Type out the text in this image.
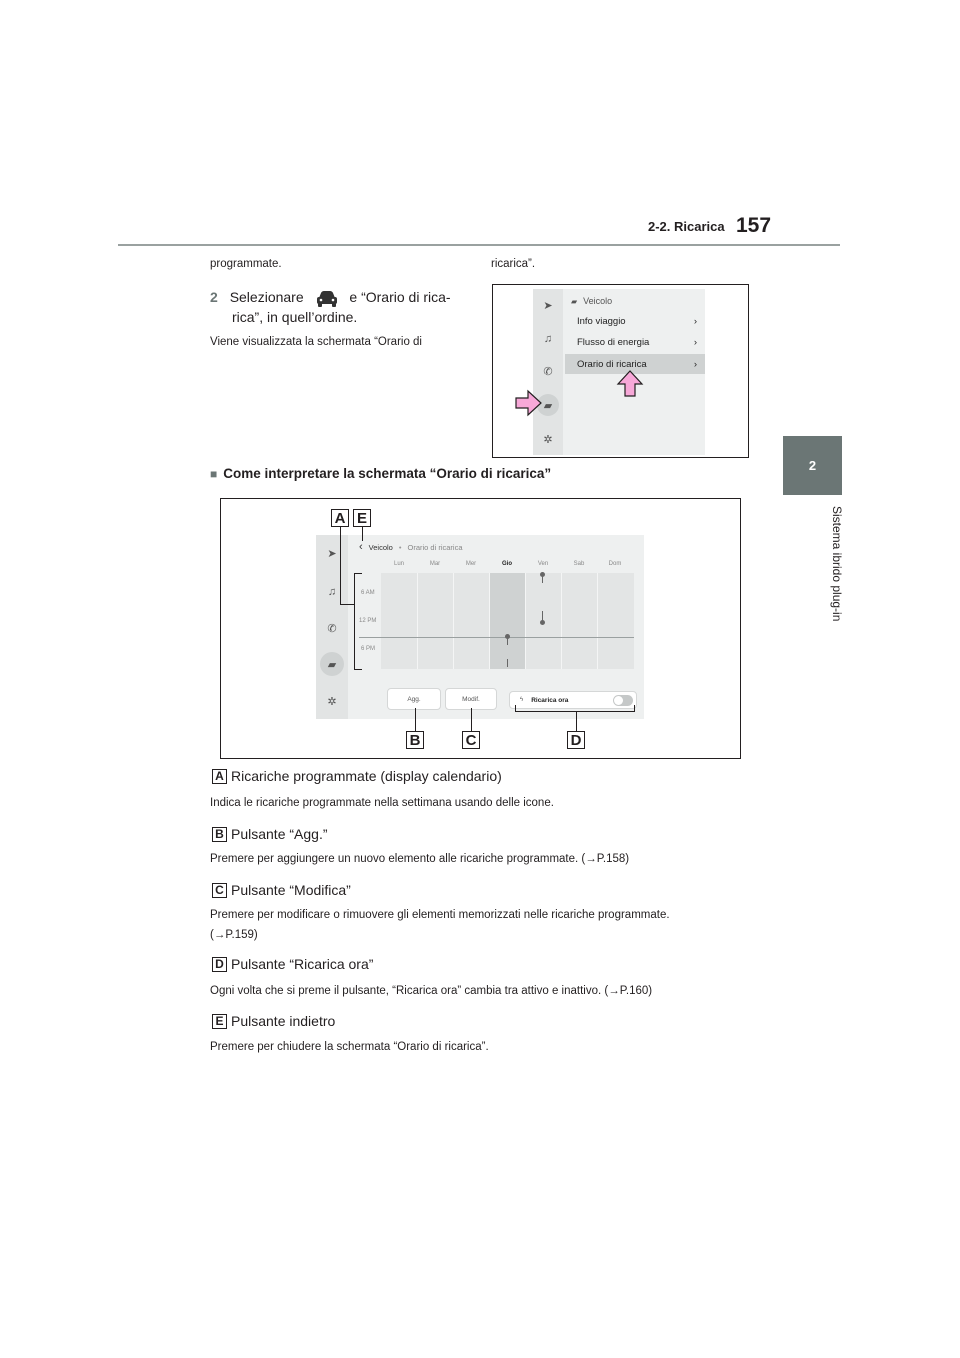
2-2. Ricarica 157
2
Sistema ibrido plug-in
programmate.
2 Selezionare	e “Orario di rica-
rica”, in quell’ordine.
Viene visualizzata la schermata “Orario di
ricarica”.
➤
♫
✆
▰
✲
▰ Veicolo
Info viaggio	›
Flusso di energia	›
Orario di ricarica	›
■ Come interpretare la schermata “Orario di ricarica”
➤
♫
✆
▰
✲
‹ Veicolo • Orario di ricarica
Lun	Mar	Mer	Gio	Ven	Sab	Dom
6 AM
12 PM
6 PM
Agg.	Modif.	ϟ Ricarica ora
A E
B	C	D
A Ricariche programmate (display calendario)
Indica le ricariche programmate nella settimana usando delle icone.
B Pulsante “Agg.”
Premere per aggiungere un nuovo elemento alle ricariche programmate. (→P.158)
C Pulsante “Modifica”
Premere per modificare o rimuovere gli elementi memorizzati nelle ricariche programmate.
(→P.159)
D Pulsante “Ricarica ora”
Ogni volta che si preme il pulsante, “Ricarica ora” cambia tra attivo e inattivo. (→P.160)
E Pulsante indietro
Premere per chiudere la schermata “Orario di ricarica”.
